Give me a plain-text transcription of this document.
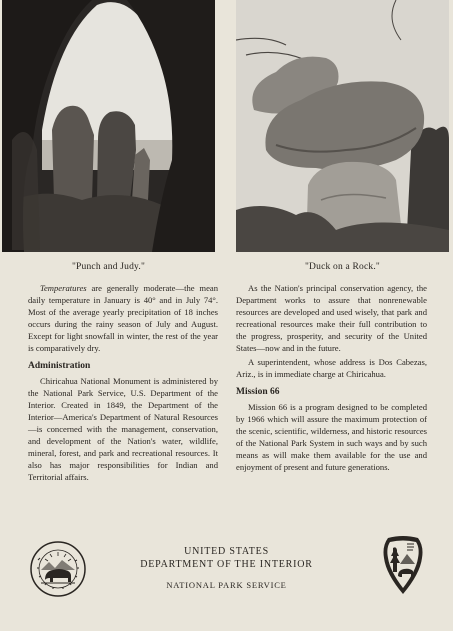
"Punch and Judy."	"Duck on a Rock."

Temperatures are generally moderate—the mean daily temperature in January is 40° and in July 74°. Most of the average yearly precipitation of 18 inches occurs during the rainy season of July and August. Except for light snowfall in winter, the rest of the year is comparatively dry.

Administration

Chiricahua National Monument is administered by the National Park Service, U.S. Department of the Interior. Created in 1849, the Department of the Interior—America's Department of Natural Resources—is concerned with the management, conservation, and development of the Nation's water, wildlife, mineral, forest, and park and recreational resources. It also has major responsibilities for Indian and Territorial affairs.

As the Nation's principal conservation agency, the Department works to assure that nonrenewable resources are developed and used wisely, that park and recreational resources make their full contribution to the progress, prosperity, and security of the United States—now and in the future.

A superintendent, whose address is Dos Cabezas, Ariz., is in immediate charge at Chiricahua.

Mission 66

Mission 66 is a program designed to be completed by 1966 which will assure the maximum protection of the scenic, scientific, wilderness, and historic resources of the National Park System in such ways and by such means as will make them available for the use and enjoyment of present and future generations.

UNITED STATES
DEPARTMENT OF THE INTERIOR
NATIONAL PARK SERVICE
